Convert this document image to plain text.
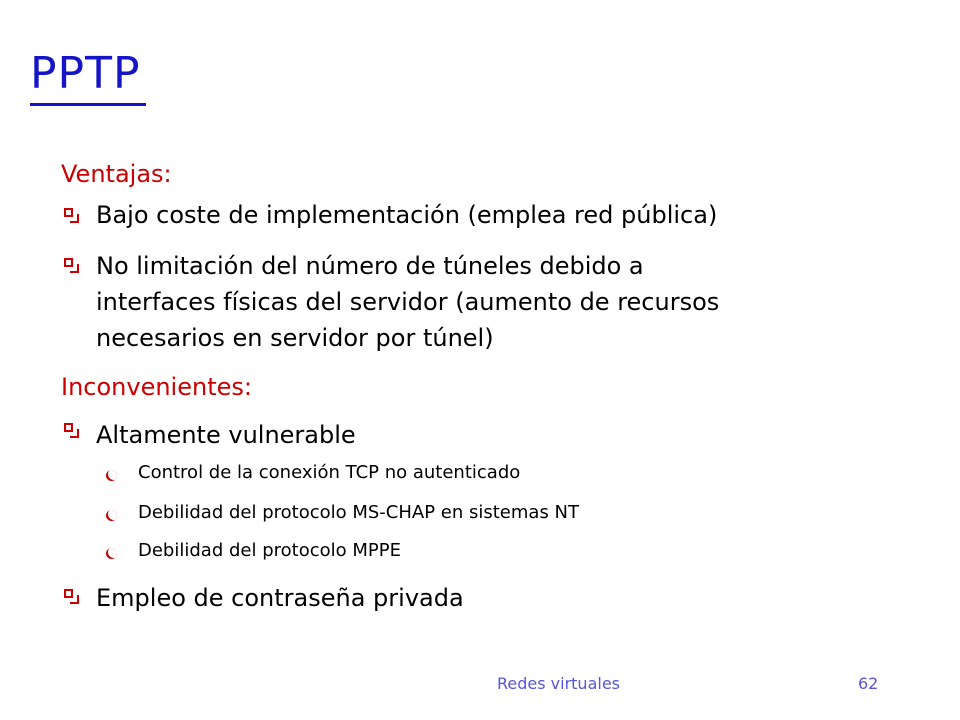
PPTP
Ventajas:
Bajo coste de implementación (emplea red pública)
No limitación del número de túneles debido a
interfaces físicas del servidor (aumento de recursos
necesarios en servidor por túnel)
Inconvenientes:
Altamente vulnerable
Control de la conexión TCP no autenticado
Debilidad del protocolo MS-CHAP en sistemas NT
Debilidad del protocolo MPPE
Empleo de contraseña privada
Redes virtuales	62
